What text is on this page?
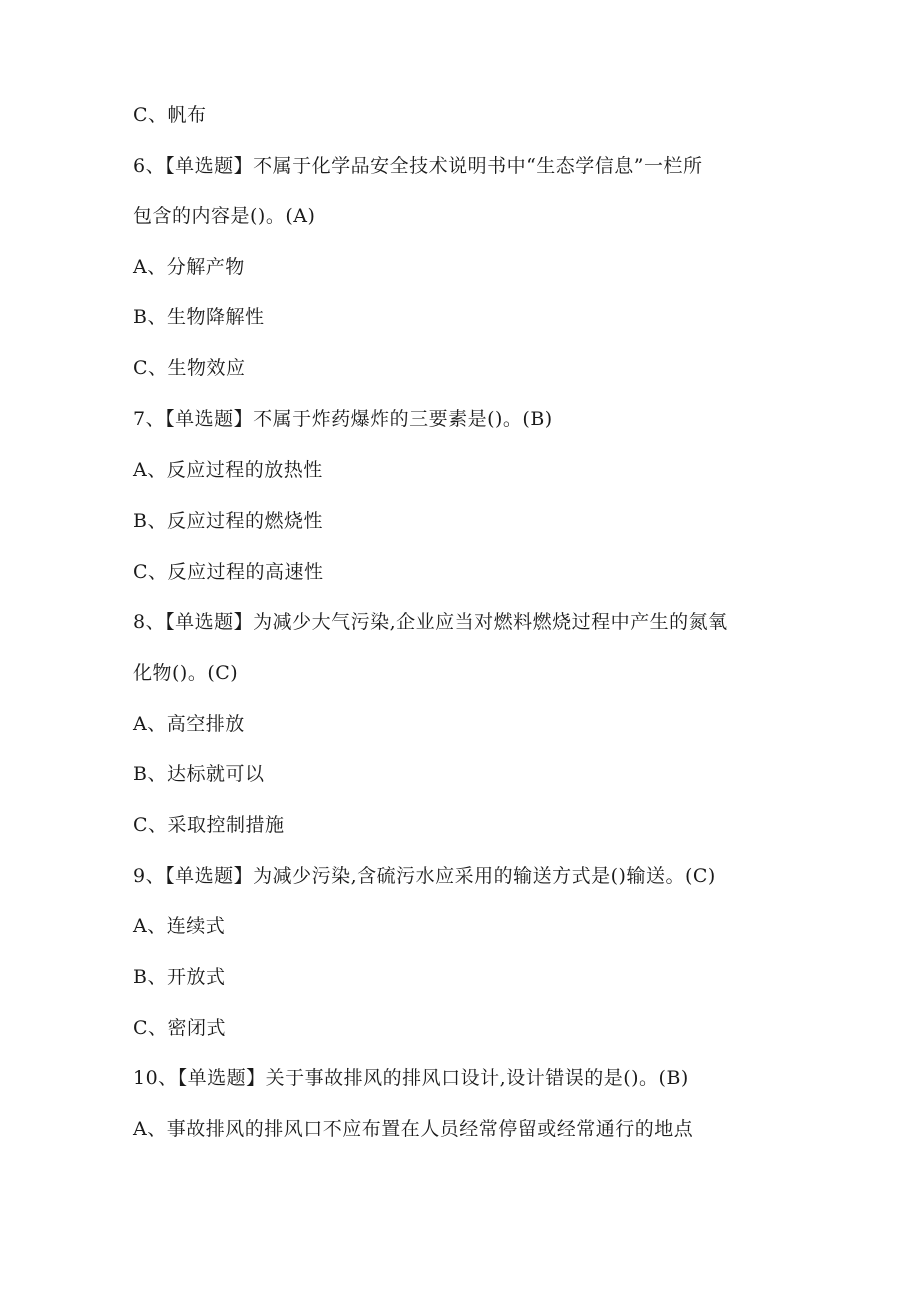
C、帆布
6、【单选题】不属于化学品安全技术说明书中“生态学信息”一栏所
包含的内容是()。(A)
A、分解产物
B、生物降解性
C、生物效应
7、【单选题】不属于炸药爆炸的三要素是()。(B)
A、反应过程的放热性
B、反应过程的燃烧性
C、反应过程的高速性
8、【单选题】为减少大气污染,企业应当对燃料燃烧过程中产生的氮氧
化物()。(C)
A、高空排放
B、达标就可以
C、采取控制措施
9、【单选题】为减少污染,含硫污水应采用的输送方式是()输送。(C)
A、连续式
B、开放式
C、密闭式
10、【单选题】关于事故排风的排风口设计,设计错误的是()。(B)
A、事故排风的排风口不应布置在人员经常停留或经常通行的地点
